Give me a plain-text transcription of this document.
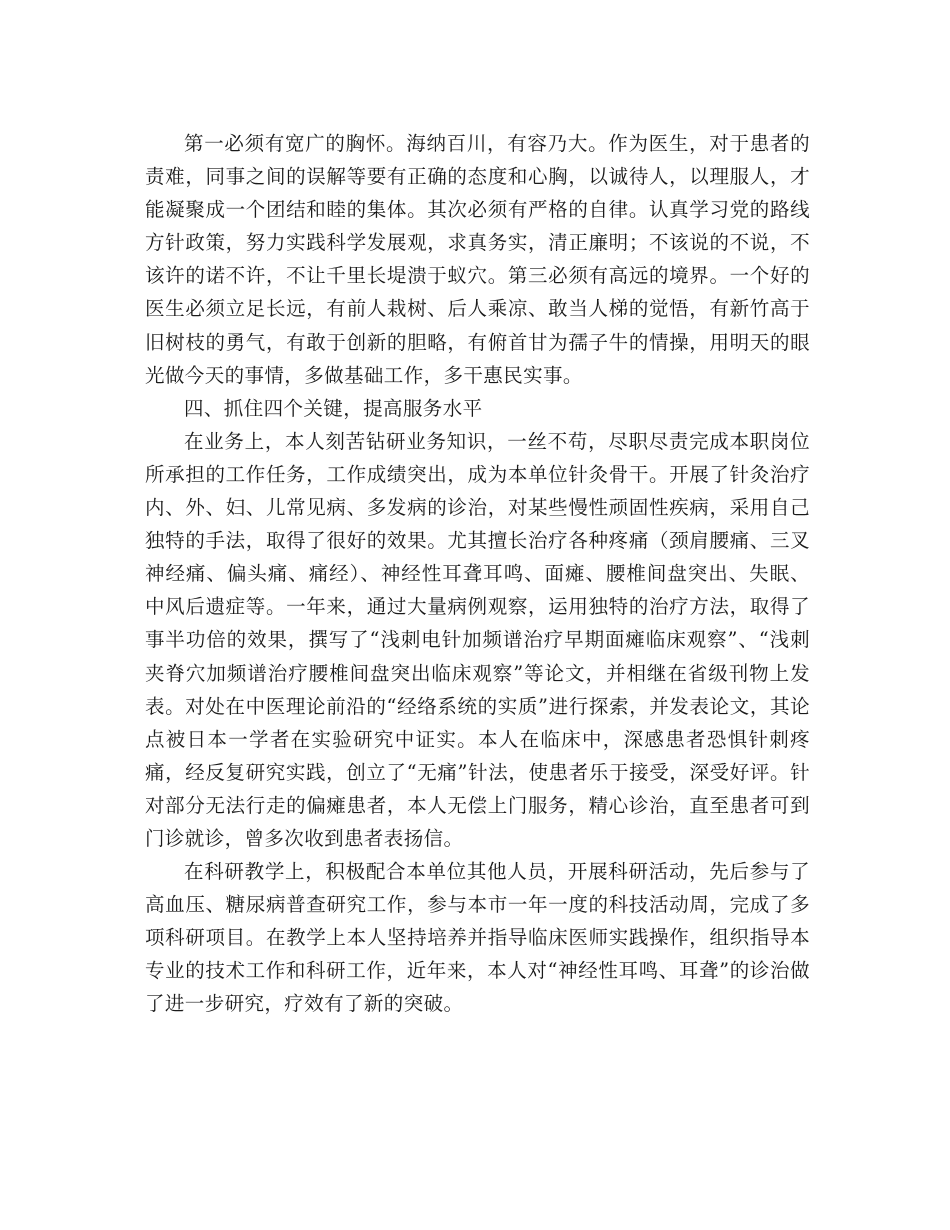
第一必须有宽广的胸怀。海纳百川，有容乃大。作为医生，对于患者的责难，同事之间的误解等要有正确的态度和心胸，以诚待人，以理服人，才能凝聚成一个团结和睦的集体。其次必须有严格的自律。认真学习党的路线方针政策，努力实践科学发展观，求真务实，清正廉明；不该说的不说，不该许的诺不许，不让千里长堤溃于蚁穴。第三必须有高远的境界。一个好的医生必须立足长远，有前人栽树、后人乘凉、敢当人梯的觉悟，有新竹高于旧树枝的勇气，有敢于创新的胆略，有俯首甘为孺子牛的情操，用明天的眼光做今天的事情，多做基础工作，多干惠民实事。

四、抓住四个关键，提高服务水平

在业务上，本人刻苦钻研业务知识，一丝不苟，尽职尽责完成本职岗位所承担的工作任务，工作成绩突出，成为本单位针灸骨干。开展了针灸治疗内、外、妇、儿常见病、多发病的诊治，对某些慢性顽固性疾病，采用自己独特的手法，取得了很好的效果。尤其擅长治疗各种疼痛（颈肩腰痛、三叉神经痛、偏头痛、痛经）、神经性耳聋耳鸣、面瘫、腰椎间盘突出、失眠、中风后遗症等。一年来，通过大量病例观察，运用独特的治疗方法，取得了事半功倍的效果，撰写了“浅刺电针加频谱治疗早期面瘫临床观察”、“浅刺夹脊穴加频谱治疗腰椎间盘突出临床观察”等论文，并相继在省级刊物上发表。对处在中医理论前沿的“经络系统的实质”进行探索，并发表论文，其论点被日本一学者在实验研究中证实。本人在临床中，深感患者恐惧针刺疼痛，经反复研究实践，创立了“无痛”针法，使患者乐于接受，深受好评。针对部分无法行走的偏瘫患者，本人无偿上门服务，精心诊治，直至患者可到门诊就诊，曾多次收到患者表扬信。

在科研教学上，积极配合本单位其他人员，开展科研活动，先后参与了高血压、糖尿病普查研究工作，参与本市一年一度的科技活动周，完成了多项科研项目。在教学上本人坚持培养并指导临床医师实践操作，组织指导本专业的技术工作和科研工作，近年来，本人对“神经性耳鸣、耳聋”的诊治做了进一步研究，疗效有了新的突破。
